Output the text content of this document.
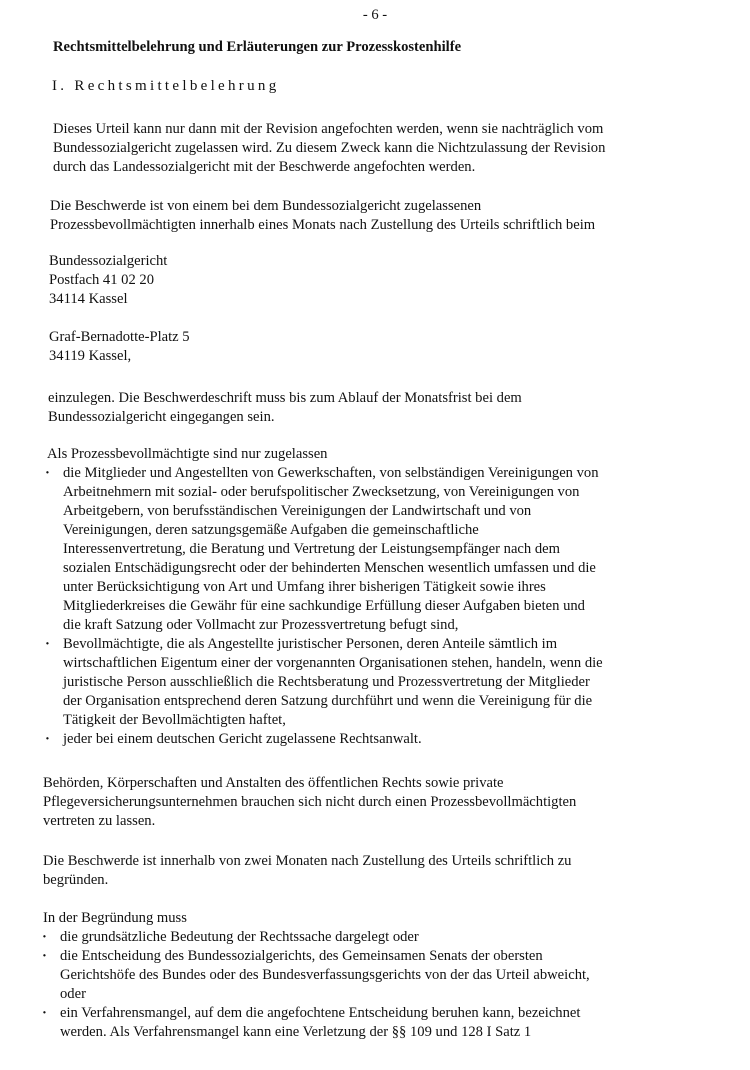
- 6 -
Rechtsmittelbelehrung und Erläuterungen zur Prozesskostenhilfe
I. Rechtsmittelbelehrung

Dieses Urteil kann nur dann mit der Revision angefochten werden, wenn sie nachträglich vom
Bundessozialgericht zugelassen wird. Zu diesem Zweck kann die Nichtzulassung der Revision
durch das Landessozialgericht mit der Beschwerde angefochten werden.

Die Beschwerde ist von einem bei dem Bundessozialgericht zugelassenen
Prozessbevollmächtigten innerhalb eines Monats nach Zustellung des Urteils schriftlich beim

Bundessozialgericht
Postfach 41 02 20
34114 Kassel

Graf-Bernadotte-Platz 5
34119 Kassel,

einzulegen. Die Beschwerdeschrift muss bis zum Ablauf der Monatsfrist bei dem
Bundessozialgericht eingegangen sein.

Als Prozessbevollmächtigte sind nur zugelassen

· die Mitglieder und Angestellten von Gewerkschaften, von selbständigen Vereinigungen von
Arbeitnehmern mit sozial- oder berufspolitischer Zwecksetzung, von Vereinigungen von
Arbeitgebern, von berufsständischen Vereinigungen der Landwirtschaft und von
Vereinigungen, deren satzungsgemäße Aufgaben die gemeinschaftliche
Interessenvertretung, die Beratung und Vertretung der Leistungsempfänger nach dem
sozialen Entschädigungsrecht oder der behinderten Menschen wesentlich umfassen und die
unter Berücksichtigung von Art und Umfang ihrer bisherigen Tätigkeit sowie ihres
Mitgliederkreises die Gewähr für eine sachkundige Erfüllung dieser Aufgaben bieten und
die kraft Satzung oder Vollmacht zur Prozessvertretung befugt sind,
· Bevollmächtigte, die als Angestellte juristischer Personen, deren Anteile sämtlich im
wirtschaftlichen Eigentum einer der vorgenannten Organisationen stehen, handeln, wenn die
juristische Person ausschließlich die Rechtsberatung und Prozessvertretung der Mitglieder
der Organisation entsprechend deren Satzung durchführt und wenn die Vereinigung für die
Tätigkeit der Bevollmächtigten haftet,
· jeder bei einem deutschen Gericht zugelassene Rechtsanwalt.

Behörden, Körperschaften und Anstalten des öffentlichen Rechts sowie private
Pflegeversicherungsunternehmen brauchen sich nicht durch einen Prozessbevollmächtigten
vertreten zu lassen.

Die Beschwerde ist innerhalb von zwei Monaten nach Zustellung des Urteils schriftlich zu
begründen.

In der Begründung muss

· die grundsätzliche Bedeutung der Rechtssache dargelegt oder
· die Entscheidung des Bundessozialgerichts, des Gemeinsamen Senats der obersten
Gerichtshöfe des Bundes oder des Bundesverfassungsgerichts von der das Urteil abweicht,
oder
· ein Verfahrensmangel, auf dem die angefochtene Entscheidung beruhen kann, bezeichnet
werden. Als Verfahrensmangel kann eine Verletzung der §§ 109 und 128 I Satz 1
